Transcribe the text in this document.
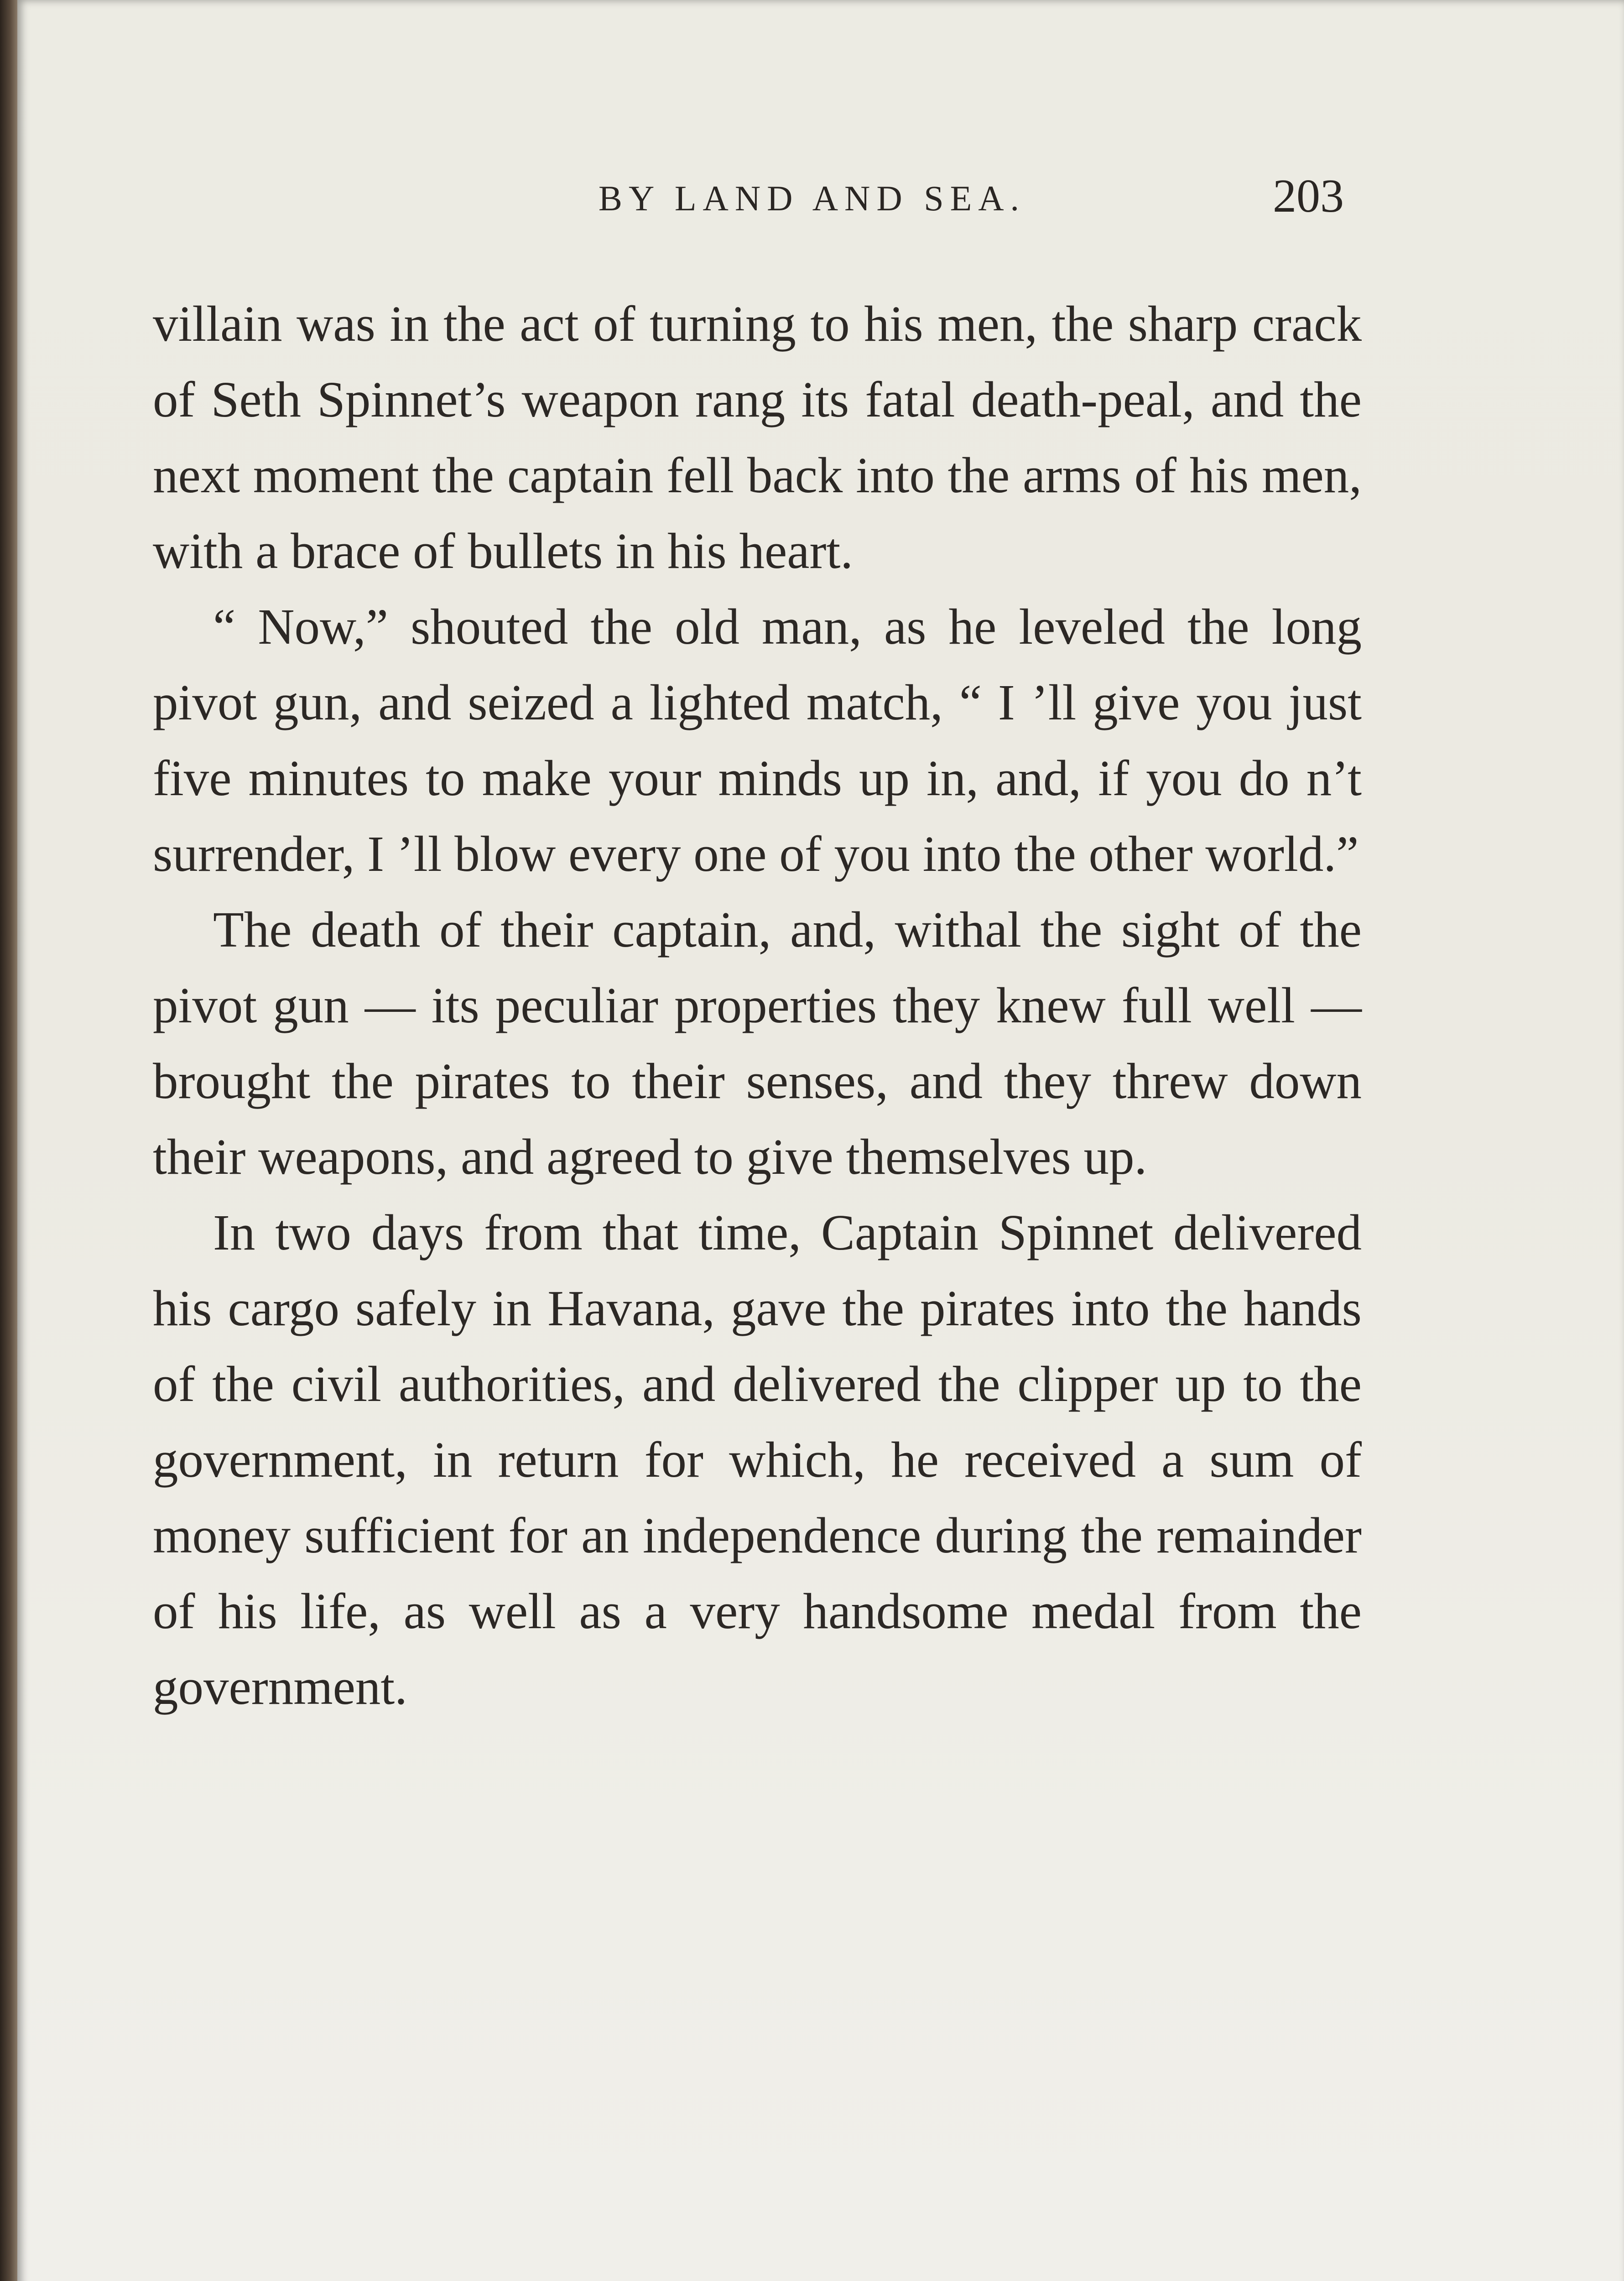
BY LAND AND SEA.	203

villain was in the act of turning to his men, the sharp crack of Seth Spinnet’s weapon rang its fatal death-peal, and the next moment the captain fell back into the arms of his men, with a brace of bullets in his heart.

“ Now,” shouted the old man, as he leveled the long pivot gun, and seized a lighted match, “ I ’ll give you just five minutes to make your minds up in, and, if you do n’t surrender, I ’ll blow every one of you into the other world.”

The death of their captain, and, withal the sight of the pivot gun — its peculiar properties they knew full well — brought the pirates to their senses, and they threw down their weapons, and agreed to give themselves up.

In two days from that time, Captain Spinnet delivered his cargo safely in Havana, gave the pirates into the hands of the civil authorities, and delivered the clipper up to the government, in return for which, he received a sum of money sufficient for an independence during the remainder of his life, as well as a very handsome medal from the government.
